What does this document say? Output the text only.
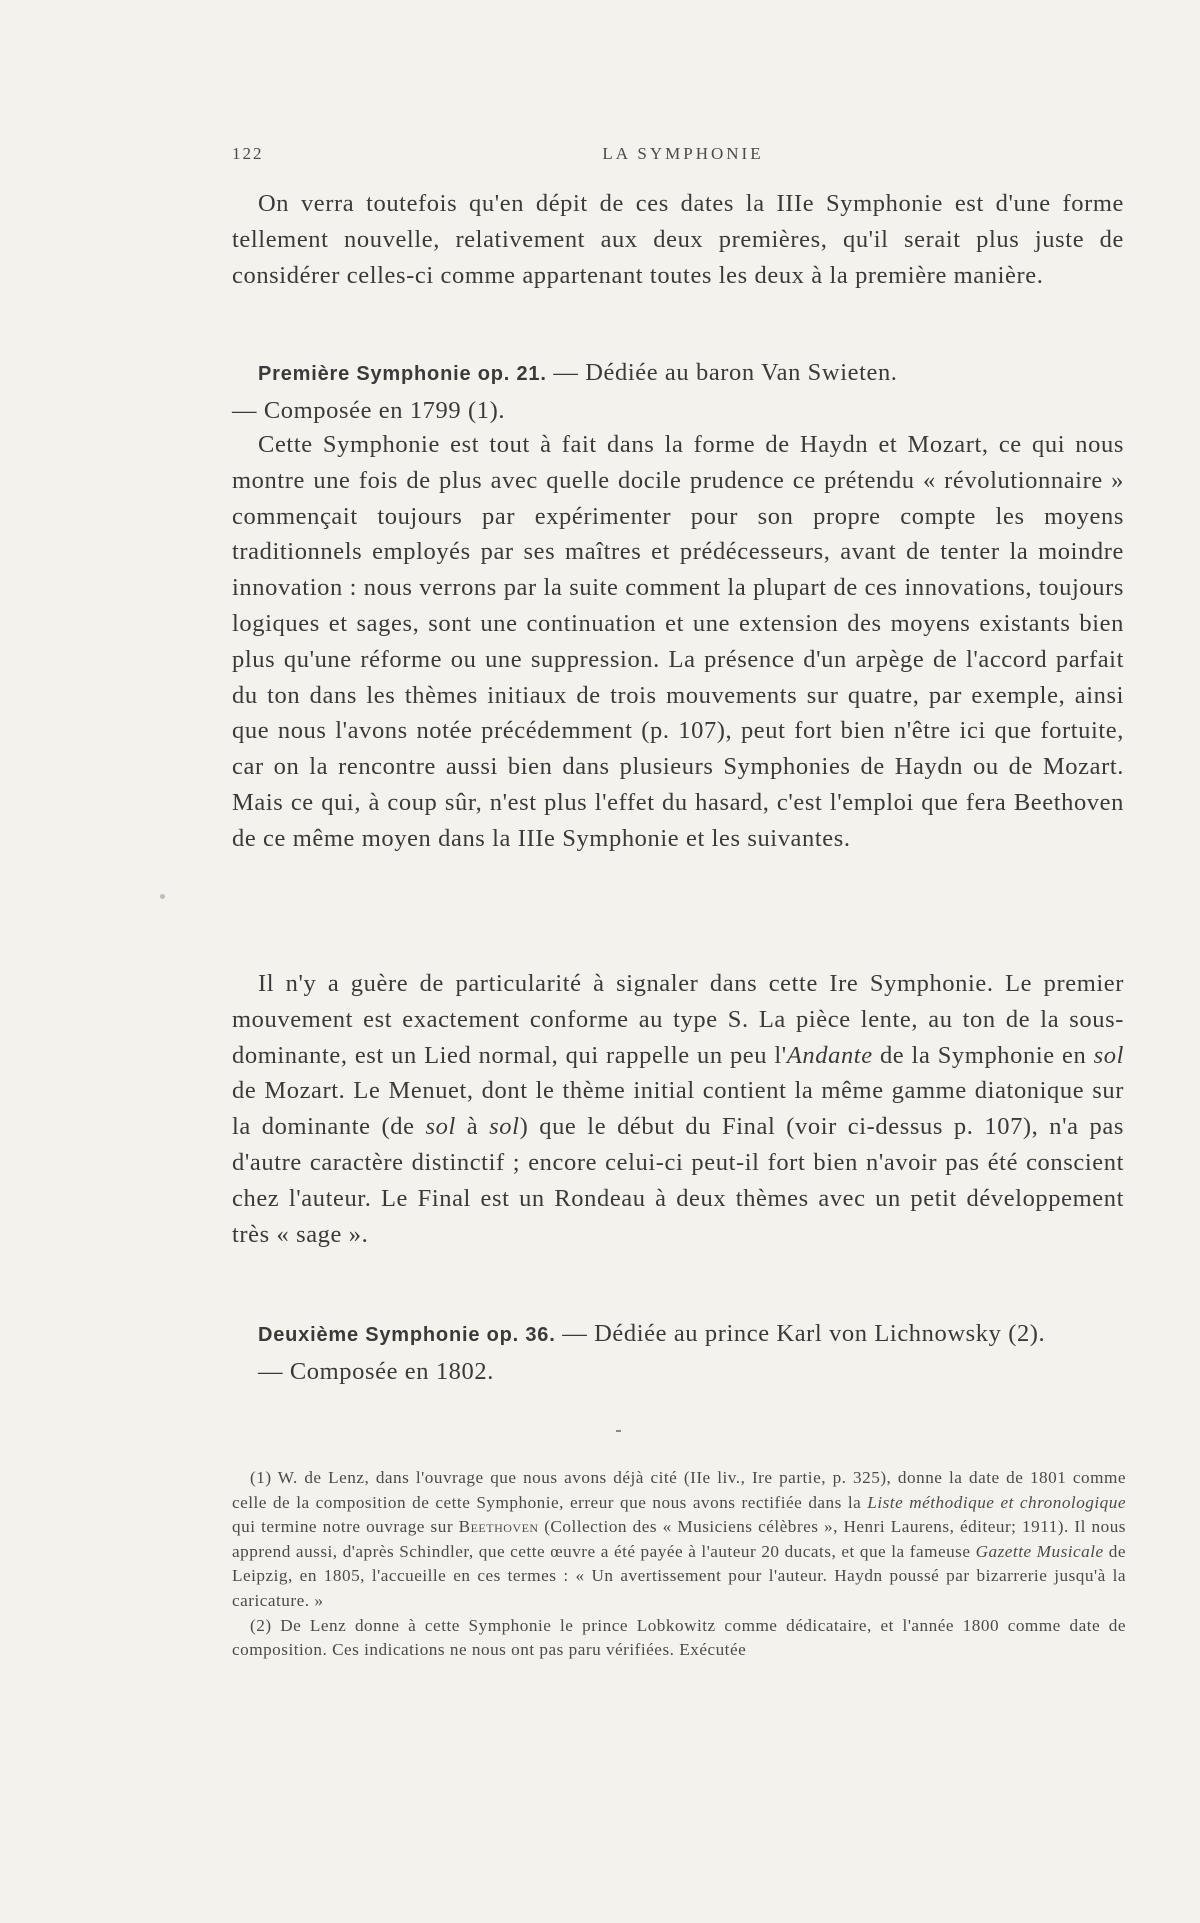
122	LA SYMPHONIE

On verra toutefois qu'en dépit de ces dates la IIIe Symphonie est d'une forme tellement nouvelle, relativement aux deux premières, qu'il serait plus juste de considérer celles-ci comme appartenant toutes les deux à la première manière.

Première Symphonie op. 21. — Dédiée au baron Van Swieten.

— Composée en 1799 (1).

Cette Symphonie est tout à fait dans la forme de Haydn et Mozart, ce qui nous montre une fois de plus avec quelle docile prudence ce prétendu « révolutionnaire » commençait toujours par expérimenter pour son propre compte les moyens traditionnels employés par ses maîtres et prédécesseurs, avant de tenter la moindre innovation : nous verrons par la suite comment la plupart de ces innovations, toujours logiques et sages, sont une continuation et une extension des moyens existants bien plus qu'une réforme ou une suppression. La présence d'un arpège de l'accord parfait du ton dans les thèmes initiaux de trois mouvements sur quatre, par exemple, ainsi que nous l'avons notée précédemment (p. 107), peut fort bien n'être ici que fortuite, car on la rencontre aussi bien dans plusieurs Symphonies de Haydn ou de Mozart. Mais ce qui, à coup sûr, n'est plus l'effet du hasard, c'est l'emploi que fera Beethoven de ce même moyen dans la IIIe Symphonie et les suivantes.

Il n'y a guère de particularité à signaler dans cette Ire Symphonie. Le premier mouvement est exactement conforme au type S. La pièce lente, au ton de la sous-dominante, est un Lied normal, qui rappelle un peu l'Andante de la Symphonie en sol de Mozart. Le Menuet, dont le thème initial contient la même gamme diatonique sur la dominante (de sol à sol) que le début du Final (voir ci-dessus p. 107), n'a pas d'autre caractère distinctif ; encore celui-ci peut-il fort bien n'avoir pas été conscient chez l'auteur. Le Final est un Rondeau à deux thèmes avec un petit développement très « sage ».

Deuxième Symphonie op. 36. — Dédiée au prince Karl von Lichnowsky (2).

— Composée en 1802.

(1) W. de Lenz, dans l'ouvrage que nous avons déjà cité (IIe liv., Ire partie, p. 325), donne la date de 1801 comme celle de la composition de cette Symphonie, erreur que nous avons rectifiée dans la Liste méthodique et chronologique qui termine notre ouvrage sur Beethoven (Collection des « Musiciens célèbres », Henri Laurens, éditeur; 1911). Il nous apprend aussi, d'après Schindler, que cette œuvre a été payée à l'auteur 20 ducats, et que la fameuse Gazette Musicale de Leipzig, en 1805, l'accueille en ces termes : « Un avertissement pour l'auteur. Haydn poussé par bizarrerie jusqu'à la caricature. »

(2) De Lenz donne à cette Symphonie le prince Lobkowitz comme dédicataire, et l'année 1800 comme date de composition. Ces indications ne nous ont pas paru vérifiées. Exécutée
